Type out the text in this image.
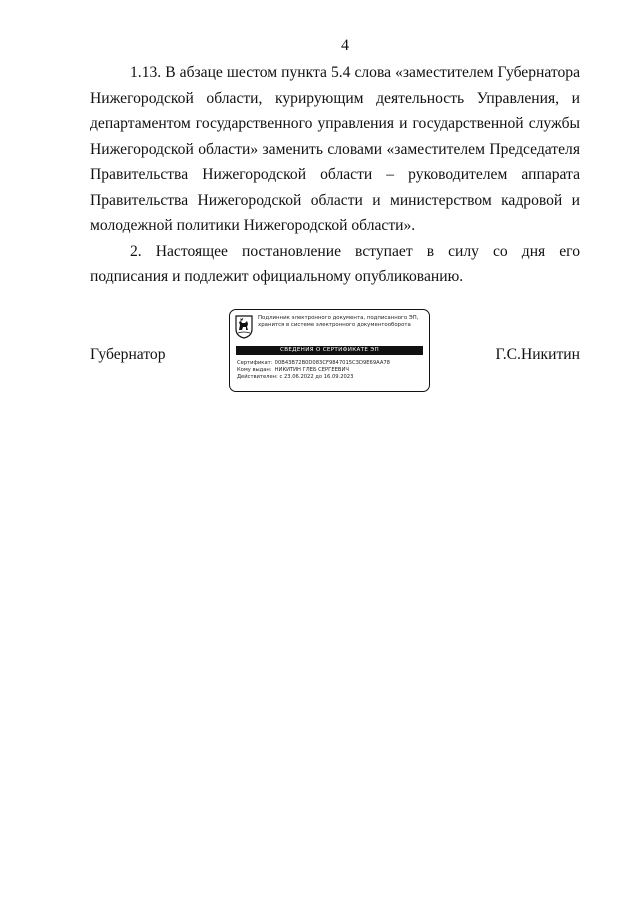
4

1.13. В абзаце шестом пункта 5.4 слова «заместителем Губернатора Нижегородской области, курирующим деятельность Управления, и департаментом государственного управления и государственной службы Нижегородской области» заменить словами «заместителем Председателя Правительства Нижегородской области – руководителем аппарата Правительства Нижегородской области и министерством кадровой и молодежной политики Нижегородской области».

2. Настоящее постановление вступает в силу со дня его подписания и подлежит официальному опубликованию.

Губернатор	Г.С.Никитин
Подлинник электронного документа, подписанного ЭП,
хранится в системе электронного документооборота
СВЕДЕНИЯ О СЕРТИФИКАТЕ ЭП
Сертификат: 00B43B72B0D083CF9847015C3D9E69AA78
Кому выдан: НИКИТИН ГЛЕБ СЕРГЕЕВИЧ
Действителен: с 23.06.2022 до 16.09.2023
